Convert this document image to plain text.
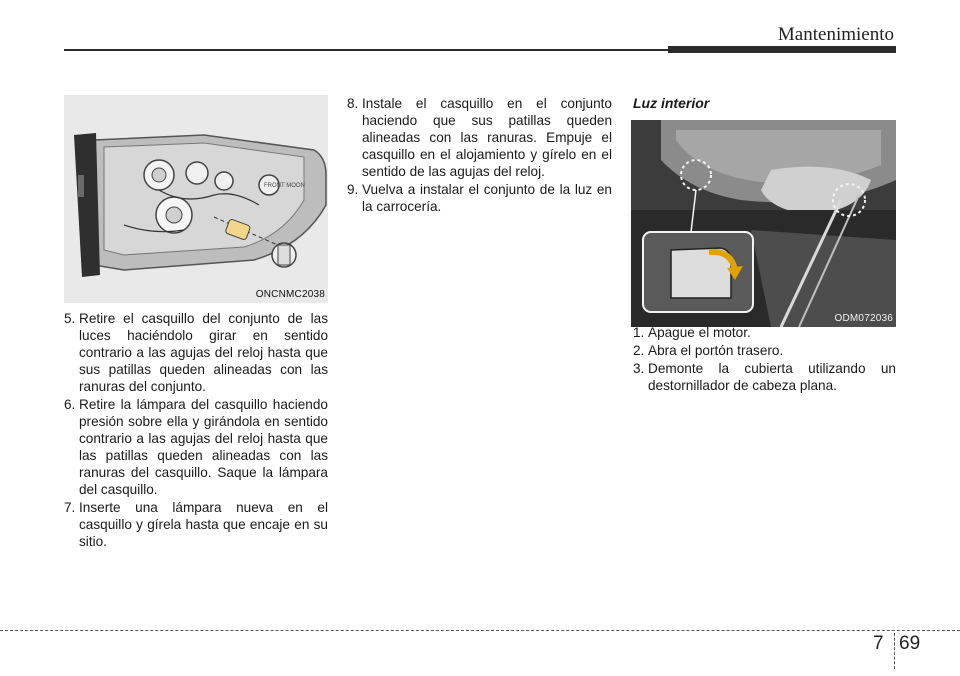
Mantenimiento
FRONT MOON
ONCNMC2038
ODM072036
5. Retire el casquillo del conjunto de las luces haciéndolo girar en sentido contrario a las agujas del reloj hasta que sus patillas queden alineadas con las ranuras del conjunto.
6. Retire la lámpara del casquillo haciendo presión sobre ella y girándola en sentido contrario a las agujas del reloj hasta que las patillas queden alineadas con las ranuras del casquillo. Saque la lámpara del casquillo.
7. Inserte una lámpara nueva en el casquillo y gírela hasta que encaje en su sitio.
8. Instale el casquillo en el conjunto haciendo que sus patillas queden alineadas con las ranuras. Empuje el casquillo en el alojamiento y gírelo en el sentido de las agujas del reloj.
9. Vuelva a instalar el conjunto de la luz en la carrocería.
Luz interior
1. Apague el motor.
2. Abra el portón trasero.
3. Demonte la cubierta utilizando un destornillador de cabeza plana.
7 69
